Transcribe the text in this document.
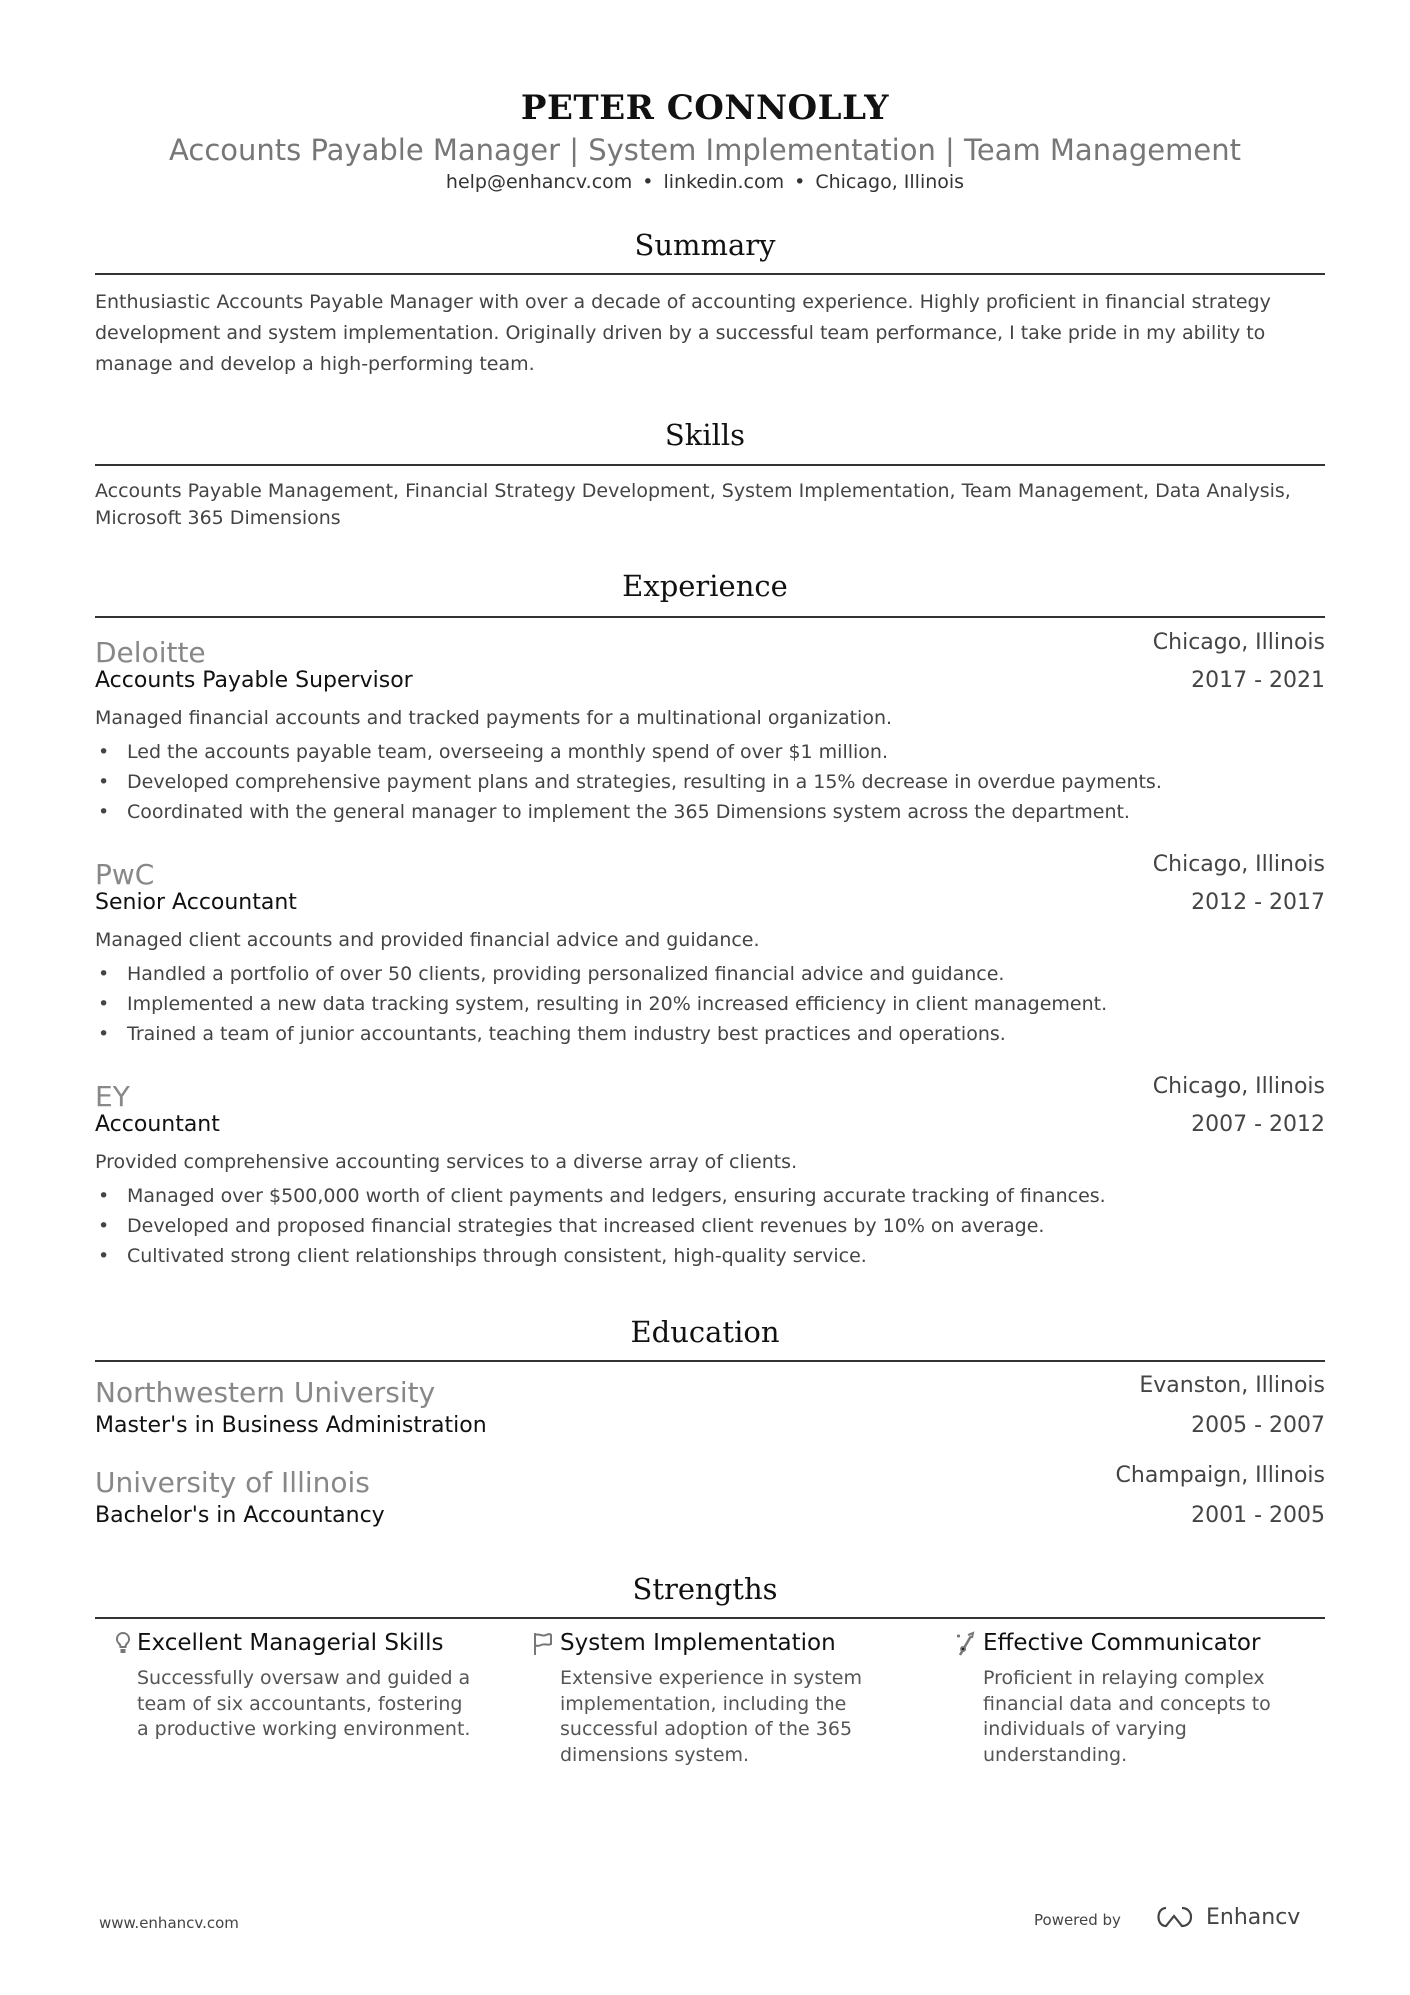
PETER CONNOLLY
Accounts Payable Manager | System Implementation | Team Management
help@enhancv.com • linkedin.com • Chicago, Illinois
Summary
Enthusiastic Accounts Payable Manager with over a decade of accounting experience. Highly proficient in financial strategy development and system implementation. Originally driven by a successful team performance, I take pride in my ability to manage and develop a high-performing team.
Skills
Accounts Payable Management, Financial Strategy Development, System Implementation, Team Management, Data Analysis, Microsoft 365 Dimensions
Experience
Deloitte	Chicago, Illinois
Accounts Payable Supervisor	2017 - 2021
Managed financial accounts and tracked payments for a multinational organization.
• Led the accounts payable team, overseeing a monthly spend of over $1 million.
• Developed comprehensive payment plans and strategies, resulting in a 15% decrease in overdue payments.
• Coordinated with the general manager to implement the 365 Dimensions system across the department.
PwC	Chicago, Illinois
Senior Accountant	2012 - 2017
Managed client accounts and provided financial advice and guidance.
• Handled a portfolio of over 50 clients, providing personalized financial advice and guidance.
• Implemented a new data tracking system, resulting in 20% increased efficiency in client management.
• Trained a team of junior accountants, teaching them industry best practices and operations.
EY	Chicago, Illinois
Accountant	2007 - 2012
Provided comprehensive accounting services to a diverse array of clients.
• Managed over $500,000 worth of client payments and ledgers, ensuring accurate tracking of finances.
• Developed and proposed financial strategies that increased client revenues by 10% on average.
• Cultivated strong client relationships through consistent, high-quality service.
Education
Northwestern University	Evanston, Illinois
Master's in Business Administration	2005 - 2007
University of Illinois	Champaign, Illinois
Bachelor's in Accountancy	2001 - 2005
Strengths
Excellent Managerial Skills
Successfully oversaw and guided a team of six accountants, fostering a productive working environment.
System Implementation
Extensive experience in system implementation, including the successful adoption of the 365 dimensions system.
Effective Communicator
Proficient in relaying complex financial data and concepts to individuals of varying understanding.
www.enhancv.com	Powered by	Enhancv
